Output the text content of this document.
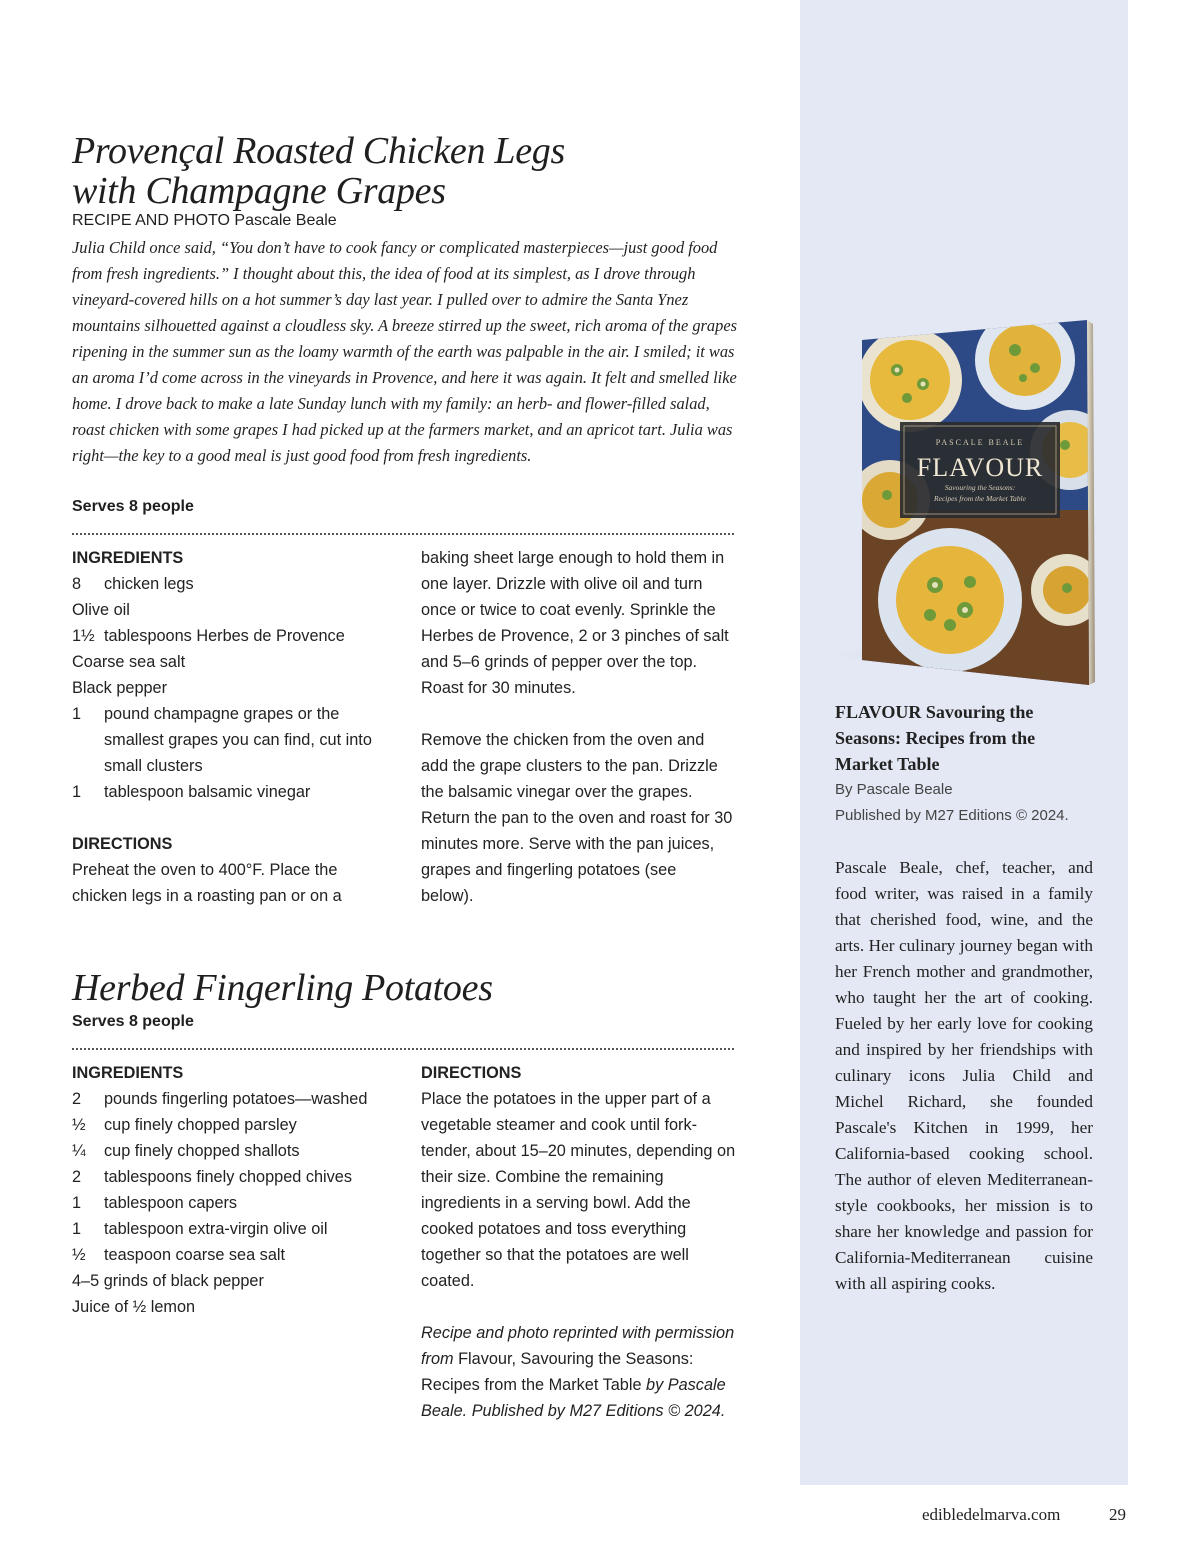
Provençal Roasted Chicken Legs
with Champagne Grapes
RECIPE AND PHOTO Pascale Beale

Julia Child once said, “You don’t have to cook fancy or complicated masterpieces—just good food from fresh ingredients.” I thought about this, the idea of food at its simplest, as I drove through vineyard-covered hills on a hot summer’s day last year. I pulled over to admire the Santa Ynez mountains silhouetted against a cloudless sky. A breeze stirred up the sweet, rich aroma of the grapes ripening in the summer sun as the loamy warmth of the earth was palpable in the air. I smiled; it was an aroma I’d come across in the vineyards in Provence, and here it was again. It felt and smelled like home. I drove back to make a late Sunday lunch with my family: an herb- and flower-filled salad, roast chicken with some grapes I had picked up at the farmers market, and an apricot tart. Julia was right—the key to a good meal is just good food from fresh ingredients.

Serves 8 people
INGREDIENTS
8	chicken legs
Olive oil
1½ tablespoons Herbes de Provence
Coarse sea salt
Black pepper
1	pound champagne grapes or the smallest grapes you can find, cut into small clusters
1	tablespoon balsamic vinegar
DIRECTIONS
Preheat the oven to 400°F. Place the chicken legs in a roasting pan or on a
baking sheet large enough to hold them in one layer. Drizzle with olive oil and turn once or twice to coat evenly. Sprinkle the Herbes de Provence, 2 or 3 pinches of salt and 5–6 grinds of pepper over the top. Roast for 30 minutes.
Remove the chicken from the oven and add the grape clusters to the pan. Drizzle the balsamic vinegar over the grapes. Return the pan to the oven and roast for 30 minutes more. Serve with the pan juices, grapes and fingerling potatoes (see below).
Herbed Fingerling Potatoes
Serves 8 people
INGREDIENTS
2	pounds fingerling potatoes—washed
½	cup finely chopped parsley
¼	cup finely chopped shallots
2	tablespoons finely chopped chives
1	tablespoon capers
1	tablespoon extra-virgin olive oil
½	teaspoon coarse sea salt
4–5 grinds of black pepper
Juice of ½ lemon
DIRECTIONS
Place the potatoes in the upper part of a vegetable steamer and cook until fork-tender, about 15–20 minutes, depending on their size. Combine the remaining ingredients in a serving bowl. Add the cooked potatoes and toss everything together so that the potatoes are well coated.
Recipe and photo reprinted with permission from Flavour, Savouring the Seasons: Recipes from the Market Table by Pascale Beale. Published by M27 Editions © 2024.
PASCALE BEALE
FLAVOUR
Savouring the Seasons:
Recipes from the Market Table

FLAVOUR Savouring the Seasons: Recipes from the Market Table

By Pascale Beale
Published by M27 Editions © 2024.

Pascale Beale, chef, teacher, and food writer, was raised in a family that cherished food, wine, and the arts. Her culinary journey began with her French mother and grandmother, who taught her the art of cooking. Fueled by her early love for cooking and inspired by her friendships with culinary icons Julia Child and Michel Richard, she founded Pascale's Kitchen in 1999, her California-based cooking school. The author of eleven Mediterranean-style cookbooks, her mission is to share her knowledge and passion for California-Mediterranean cuisine with all aspiring cooks.

edibledelmarva.com	29
